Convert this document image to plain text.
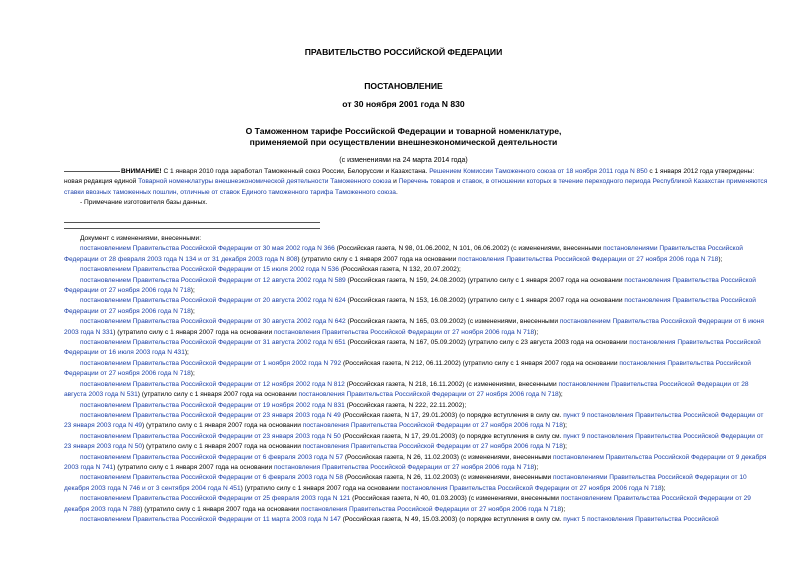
ПРАВИТЕЛЬСТВО РОССИЙСКОЙ ФЕДЕРАЦИИ
ПОСТАНОВЛЕНИЕ
от 30 ноября 2001 года N 830
О Таможенном тарифе Российской Федерации и товарной номенклатуре,
применяемой при осуществлении внешнеэкономической деятельности
(с изменениями на 24 марта 2014 года)

ВНИМАНИЕ! С 1 января 2010 года заработал Таможенный союз России, Белоруссии и Казахстана. Решением Комиссии Таможенного союза от 18 ноября 2011 года N 850 с 1 января 2012 года утверждены: новая редакция единой Товарной номенклатуры внешнеэкономической деятельности Таможенного союза и Перечень товаров и ставок, в отношении которых в течение переходного периода Республикой Казахстан применяются ставки ввозных таможенных пошлин, отличные от ставок Единого таможенного тарифа Таможенного союза.

- Примечание изготовителя базы данных.

Документ с изменениями, внесенными:

постановлением Правительства Российской Федерации от 30 мая 2002 года N 366 (Российская газета, N 98, 01.06.2002, N 101, 06.06.2002) (с изменениями, внесенными постановлениями Правительства Российской Федерации от 28 февраля 2003 года N 134 и от 31 декабря 2003 года N 808) (утратило силу с 1 января 2007 года на основании постановления Правительства Российской Федерации от 27 ноября 2006 года N 718);

постановлением Правительства Российской Федерации от 15 июля 2002 года N 536 (Российская газета, N 132, 20.07.2002);

постановлением Правительства Российской Федерации от 12 августа 2002 года N 589 (Российская газета, N 159, 24.08.2002) (утратило силу с 1 января 2007 года на основании постановления Правительства Российской Федерации от 27 ноября 2006 года N 718);

постановлением Правительства Российской Федерации от 20 августа 2002 года N 624 (Российская газета, N 153, 16.08.2002) (утратило силу с 1 января 2007 года на основании постановления Правительства Российской Федерации от 27 ноября 2006 года N 718);

постановлением Правительства Российской Федерации от 30 августа 2002 года N 642 (Российская газета, N 165, 03.09.2002) (с изменениями, внесенными постановлением Правительства Российской Федерации от 6 июня 2003 года N 331) (утратило силу с 1 января 2007 года на основании постановления Правительства Российской Федерации от 27 ноября 2006 года N 718);

постановлением Правительства Российской Федерации от 31 августа 2002 года N 651 (Российская газета, N 167, 05.09.2002) (утратило силу с 23 августа 2003 года на основании постановления Правительства Российской Федерации от 16 июля 2003 года N 431);

постановлением Правительства Российской Федерации от 1 ноября 2002 года N 792 (Российская газета, N 212, 06.11.2002) (утратило силу с 1 января 2007 года на основании постановления Правительства Российской Федерации от 27 ноября 2006 года N 718);

постановлением Правительства Российской Федерации от 12 ноября 2002 года N 812 (Российская газета, N 218, 16.11.2002) (с изменениями, внесенными постановлением Правительства Российской Федерации от 28 августа 2003 года N 531) (утратило силу с 1 января 2007 года на основании постановления Правительства Российской Федерации от 27 ноября 2006 года N 718);

постановлением Правительства Российской Федерации от 19 ноября 2002 года N 831 (Российская газета, N 222, 22.11.2002);

постановлением Правительства Российской Федерации от 23 января 2003 года N 49 (Российская газета, N 17, 29.01.2003) (о порядке вступления в силу см. пункт 9 постановления Правительства Российской Федерации от 23 января 2003 года N 49) (утратило силу с 1 января 2007 года на основании постановления Правительства Российской Федерации от 27 ноября 2006 года N 718);

постановлением Правительства Российской Федерации от 23 января 2003 года N 50 (Российская газета, N 17, 29.01.2003) (о порядке вступления в силу см. пункт 9 постановления Правительства Российской Федерации от 23 января 2003 года N 50) (утратило силу с 1 января 2007 года на основании постановления Правительства Российской Федерации от 27 ноября 2006 года N 718);

постановлением Правительства Российской Федерации от 6 февраля 2003 года N 57 (Российская газета, N 26, 11.02.2003) (с изменениями, внесенными постановлением Правительства Российской Федерации от 9 декабря 2003 года N 741) (утратило силу с 1 января 2007 года на основании постановления Правительства Российской Федерации от 27 ноября 2006 года N 718);

постановлением Правительства Российской Федерации от 6 февраля 2003 года N 58 (Российская газета, N 26, 11.02.2003) (с изменениями, внесенными постановлениями Правительства Российской Федерации от 10 декабря 2003 года N 746 и от 3 сентября 2004 года N 451) (утратило силу с 1 января 2007 года на основании постановления Правительства Российской Федерации от 27 ноября 2006 года N 718);

постановлением Правительства Российской Федерации от 25 февраля 2003 года N 121 (Российская газета, N 40, 01.03.2003) (с изменениями, внесенными постановлением Правительства Российской Федерации от 29 декабря 2003 года N 788) (утратило силу с 1 января 2007 года на основании постановления Правительства Российской Федерации от 27 ноября 2006 года N 718);

постановлением Правительства Российской Федерации от 11 марта 2003 года N 147 (Российская газета, N 49, 15.03.2003) (о порядке вступления в силу см. пункт 5 постановления Правительства Российской
